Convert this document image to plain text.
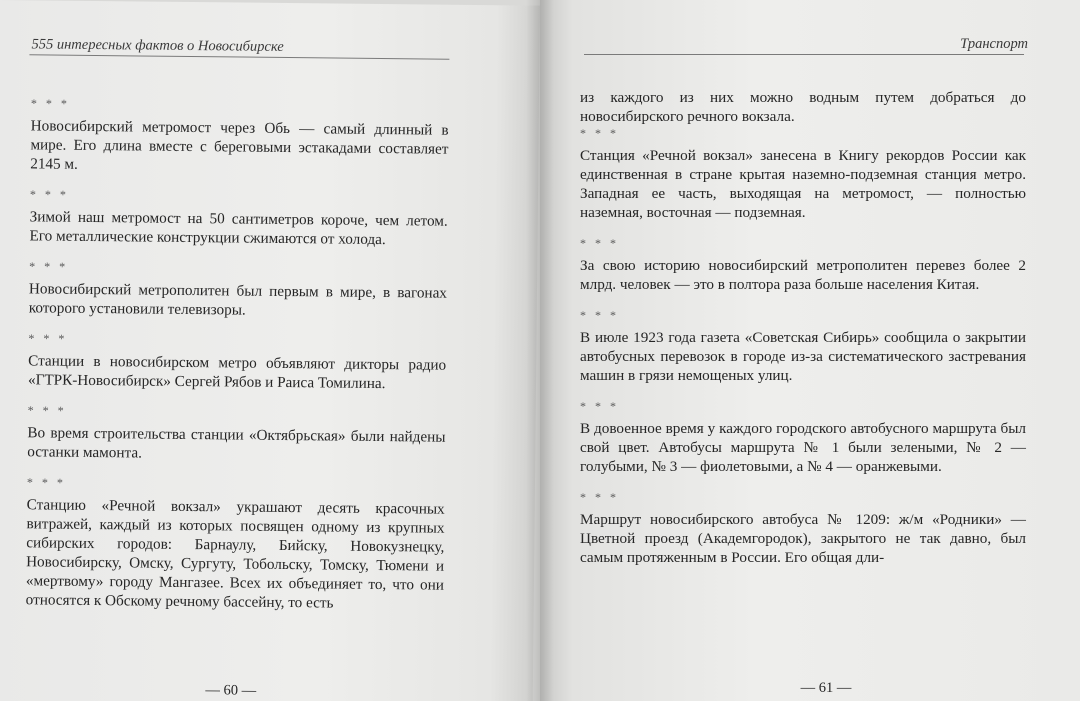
555 интересных фактов о Новосибирске
* * *

Новосибирский метромост через Обь — самый длинный в мире. Его длина вместе с береговыми эстакадами составляет 2145 м.

* * *

Зимой наш метромост на 50 сантиметров короче, чем летом. Его металлические конструкции сжимаются от холода.

* * *

Новосибирский метрополитен был первым в мире, в вагонах которого установили телевизоры.

* * *

Станции в новосибирском метро объявляют дикторы радио «ГТРК-Новосибирск» Сергей Рябов и Раиса Томилина.

* * *

Во время строительства станции «Октябрьская» были найдены останки мамонта.

* * *

Станцию «Речной вокзал» украшают десять красочных витражей, каждый из которых посвящен одному из крупных сибирских городов: Барнаулу, Бийску, Новокузнецку, Новосибирску, Омску, Сургуту, Тобольску, Томску, Тюмени и «мертвому» городу Мангазее. Всех их объединяет то, что они относятся к Обскому речному бассейну, то есть

— 60 —
Транспорт

из каждого из них можно водным путем добраться до новосибирского речного вокзала.

* * *

Станция «Речной вокзал» занесена в Книгу рекордов России как единственная в стране крытая наземно-подземная станция метро. Западная ее часть, выходящая на метромост, — полностью наземная, восточная — подземная.

* * *

За свою историю новосибирский метрополитен перевез более 2 млрд. человек — это в полтора раза больше населения Китая.

* * *

В июле 1923 года газета «Советская Сибирь» сообщила о закрытии автобусных перевозок в городе из-за систематического застревания машин в грязи немощеных улиц.

* * *

В довоенное время у каждого городского автобусного маршрута был свой цвет. Автобусы маршрута № 1 были зелеными, № 2 — голубыми, № 3 — фиолетовыми, а № 4 — оранжевыми.

* * *

Маршрут новосибирского автобуса № 1209: ж/м «Родники» — Цветной проезд (Академгородок), закрытого не так давно, был самым протяженным в России. Его общая дли-

— 61 —
